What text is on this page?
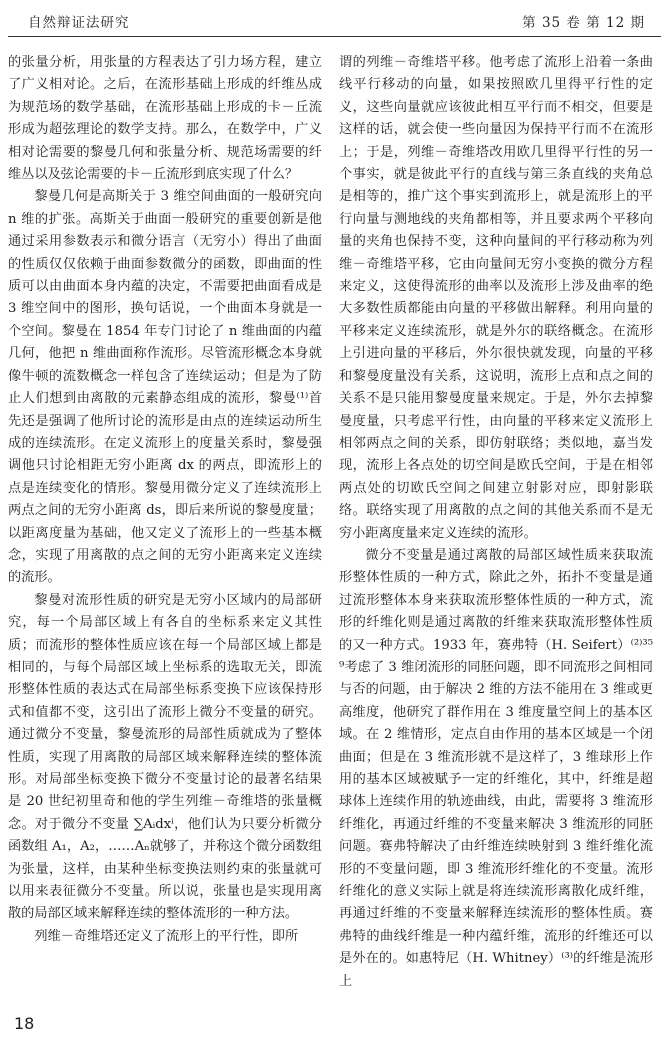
自然辩证法研究	第 35 卷 第 12 期

的张量分析，用张量的方程表达了引力场方程，建立了广义相对论。之后，在流形基础上形成的纤维丛成为规范场的数学基础，在流形基础上形成的卡－丘流形成为超弦理论的数学支持。那么，在数学中，广义相对论需要的黎曼几何和张量分析、规范场需要的纤维丛以及弦论需要的卡－丘流形到底实现了什么？

黎曼几何是高斯关于 3 维空间曲面的一般研究向 n 维的扩张。高斯关于曲面一般研究的重要创新是他通过采用参数表示和微分语言（无穷小）得出了曲面的性质仅仅依赖于曲面参数微分的函数，即曲面的性质可以由曲面本身内蕴的决定，不需要把曲面看成是 3 维空间中的图形，换句话说，一个曲面本身就是一个空间。黎曼在 1854 年专门讨论了 n 维曲面的内蕴几何，他把 n 维曲面称作流形。尽管流形概念本身就像牛顿的流数概念一样包含了连续运动；但是为了防止人们想到由离散的元素静态组成的流形，黎曼⁽¹⁾首先还是强调了他所讨论的流形是由点的连续运动所生成的连续流形。在定义流形上的度量关系时，黎曼强调他只讨论相距无穷小距离 dx 的两点，即流形上的点是连续变化的情形。黎曼用微分定义了连续流形上两点之间的无穷小距离 ds，即后来所说的黎曼度量；以距离度量为基础，他又定义了流形上的一些基本概念，实现了用离散的点之间的无穷小距离来定义连续的流形。

黎曼对流形性质的研究是无穷小区域内的局部研究，每一个局部区域上有各自的坐标系来定义其性质；而流形的整体性质应该在每一个局部区域上都是相同的，与每个局部区域上坐标系的选取无关，即流形整体性质的表达式在局部坐标系变换下应该保持形式和值都不变，这引出了流形上微分不变量的研究。通过微分不变量，黎曼流形的局部性质就成为了整体性质，实现了用离散的局部区域来解释连续的整体流形。对局部坐标变换下微分不变量讨论的最著名结果是 20 世纪初里奇和他的学生列维－奇维塔的张量概念。对于微分不变量 ∑Aᵢdxⁱ，他们认为只要分析微分函数组 A₁，A₂，……Aₙ就够了，并称这个微分函数组为张量，这样，由某种坐标变换法则约束的张量就可以用来表征微分不变量。所以说，张量也是实现用离散的局部区域来解释连续的整体流形的一种方法。

列维－奇维塔还定义了流形上的平行性，即所

谓的列维－奇维塔平移。他考虑了流形上沿着一条曲线平行移动的向量，如果按照欧几里得平行性的定义，这些向量就应该彼此相互平行而不相交，但要是这样的话，就会使一些向量因为保持平行而不在流形上；于是，列维－奇维塔改用欧几里得平行性的另一个事实，就是彼此平行的直线与第三条直线的夹角总是相等的，推广这个事实到流形上，就是流形上的平行向量与测地线的夹角都相等，并且要求两个平移向量的夹角也保持不变，这种向量间的平行移动称为列维－奇维塔平移，它由向量间无穷小变换的微分方程来定义，这使得流形的曲率以及流形上涉及曲率的绝大多数性质都能由向量的平移做出解释。利用向量的平移来定义连续流形，就是外尔的联络概念。在流形上引进向量的平移后，外尔很快就发现，向量的平移和黎曼度量没有关系，这说明，流形上点和点之间的关系不是只能用黎曼度量来规定。于是，外尔去掉黎曼度量，只考虑平行性，由向量的平移来定义流形上相邻两点之间的关系，即仿射联络；类似地，嘉当发现，流形上各点处的切空间是欧氏空间，于是在相邻两点处的切欧氏空间之间建立射影对应，即射影联络。联络实现了用离散的点之间的其他关系而不是无穷小距离度量来定义连续的流形。

微分不变量是通过离散的局部区域性质来获取流形整体性质的一种方式，除此之外，拓扑不变量是通过流形整体本身来获取流形整体性质的一种方式，流形的纤维化则是通过离散的纤维来获取流形整体性质的又一种方式。1933 年，赛弗特（H. Seifert）⁽²⁾³⁵⁹考虑了 3 维闭流形的同胚问题，即不同流形之间相同与否的问题，由于解决 2 维的方法不能用在 3 维或更高维度，他研究了群作用在 3 维度量空间上的基本区域。在 2 维情形，定点自由作用的基本区域是一个闭曲面；但是在 3 维流形就不是这样了，3 维球形上作用的基本区域被赋予一定的纤维化，其中，纤维是超球体上连续作用的轨迹曲线，由此，需要将 3 维流形纤维化，再通过纤维的不变量来解决 3 维流形的同胚问题。赛弗特解决了由纤维连续映射到 3 维纤维化流形的不变量问题，即 3 维流形纤维化的不变量。流形纤维化的意义实际上就是将连续流形离散化成纤维，再通过纤维的不变量来解释连续流形的整体性质。赛弗特的曲线纤维是一种内蕴纤维，流形的纤维还可以是外在的。如惠特尼（H. Whitney）⁽³⁾的纤维是流形上

18
